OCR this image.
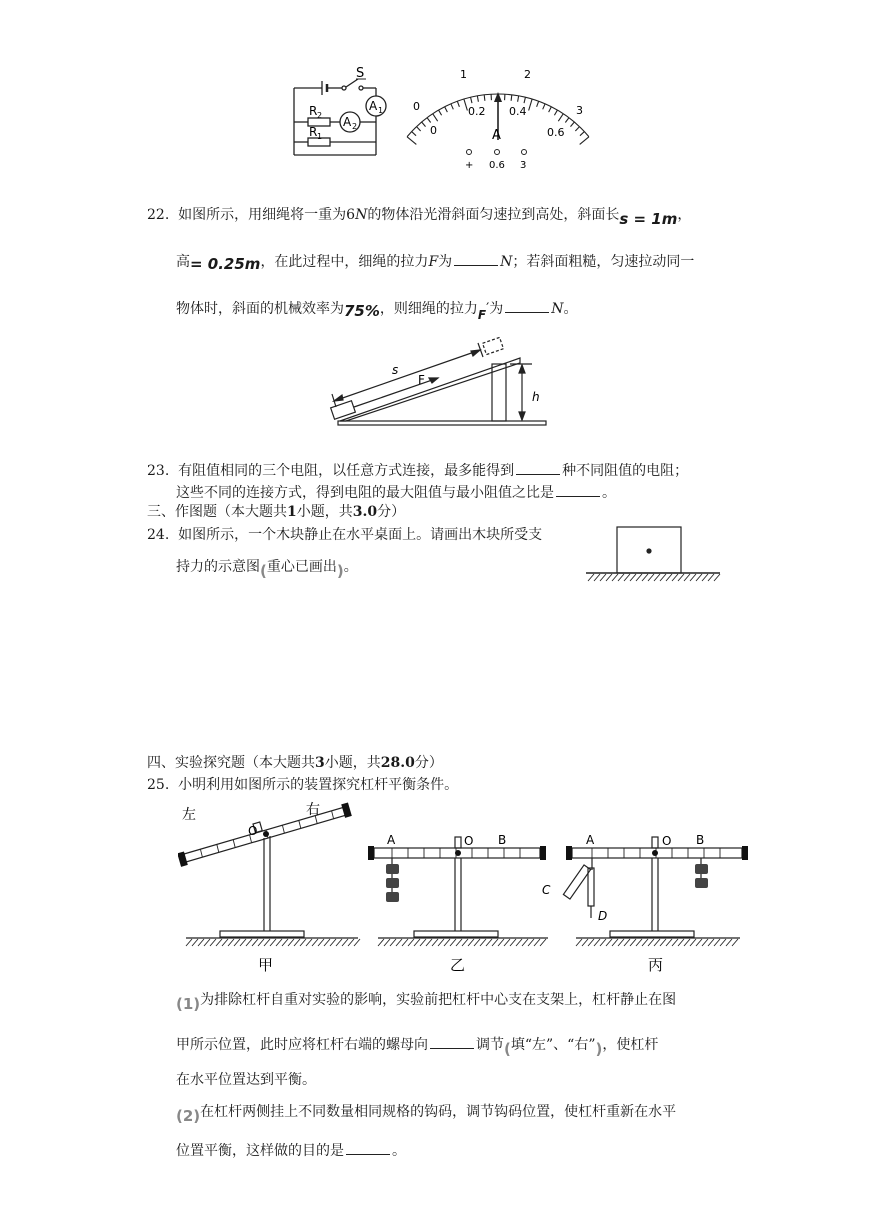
S
A 1
A 2
R 2
R 1
0
1	2
3
0
0.2 0.4
0.6
A
+ 0.6 3
22. 如图所示，用细绳将一重为6N的物体沿光滑斜面匀速拉到高处，斜面长s = 1m，
高= 0.25m，在此过程中，细绳的拉力F为	N；若斜面粗糙，匀速拉动同一
物体时，斜面的机械效率为75%，则细绳的拉力F′为	N。
s
F
h
23. 有阻值相同的三个电阻，以任意方式连接，最多能得到	种不同阻值的电阻；
这些不同的连接方式，得到电阻的最大阻值与最小阻值之比是	。
三、作图题（本大题共1小题，共3.0分）
24. 如图所示，一个木块静止在水平桌面上。请画出木块所受支
持力的示意图(重心已画出)。
四、实验探究题（本大题共3小题，共28.0分）
25. 小明利用如图所示的装置探究杠杆平衡条件。
左	右
O
甲
A	O B
乙
A	O B
C
D
丙
(1)为排除杠杆自重对实验的影响，实验前把杠杆中心支在支架上，杠杆静止在图
甲所示位置，此时应将杠杆右端的螺母向	调节(填“左”、“右”)，使杠杆
在水平位置达到平衡。
(2)在杠杆两侧挂上不同数量相同规格的钩码，调节钩码位置，使杠杆重新在水平
位置平衡，这样做的目的是	。
